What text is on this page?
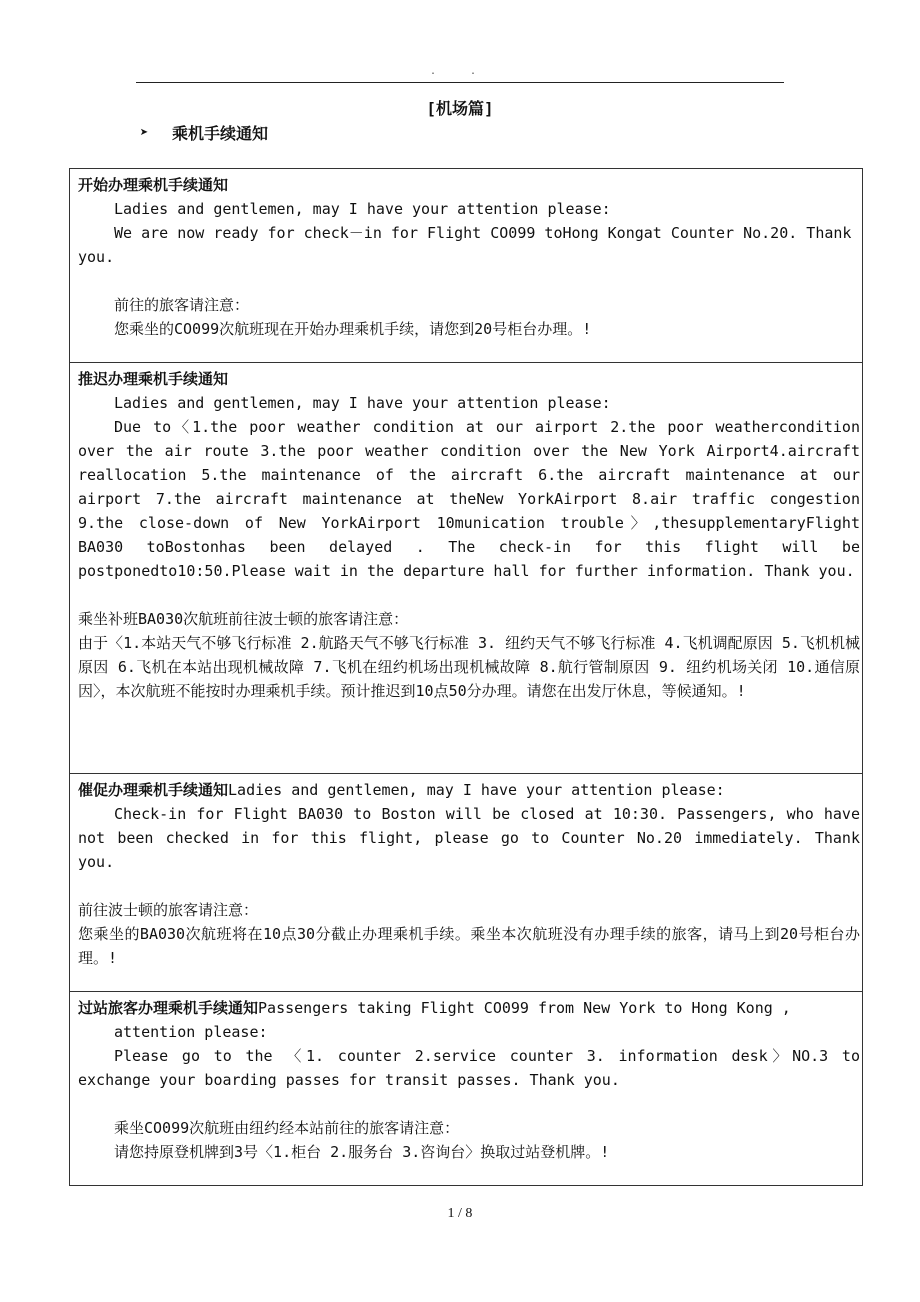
. .
[机场篇]
➤	乘机手续通知

开始办理乘机手续通知

Ladies and gentlemen, may I have your attention please:

We are now ready for check－in for Flight CO099 toHong Kongat Counter No.20. Thank you.

前往的旅客请注意：

您乘坐的CO099次航班现在开始办理乘机手续，请您到20号柜台办理。!

推迟办理乘机手续通知

Ladies and gentlemen, may I have your attention please:

Due to〈1.the poor weather condition at our airport 2.the poor weathercondition over the air route 3.the poor weather condition over the New York Airport4.aircraft reallocation 5.the maintenance of the aircraft 6.the aircraft maintenance at our airport 7.the aircraft maintenance at theNew YorkAirport 8.air traffic congestion 9.the close-down of New YorkAirport 10munication trouble〉,thesupplementaryFlight BA030 toBostonhas been delayed . The check-in for this flight will be postponedto10:50.Please wait in the departure hall for further information. Thank you.

乘坐补班BA030次航班前往波士顿的旅客请注意：

由于〈1.本站天气不够飞行标准 2.航路天气不够飞行标准 3. 纽约天气不够飞行标准 4.飞机调配原因 5.飞机机械原因 6.飞机在本站出现机械故障 7.飞机在纽约机场出现机械故障 8.航行管制原因 9. 纽约机场关闭 10.通信原因〉，本次航班不能按时办理乘机手续。预计推迟到10点50分办理。请您在出发厅休息，等候通知。!

催促办理乘机手续通知Ladies and gentlemen, may I have your attention please:

Check-in for Flight BA030 to Boston will be closed at 10:30. Passengers, who have not been checked in for this flight, please go to Counter No.20 immediately. Thank you.

前往波士顿的旅客请注意：

您乘坐的BA030次航班将在10点30分截止办理乘机手续。乘坐本次航班没有办理手续的旅客，请马上到20号柜台办理。!

过站旅客办理乘机手续通知Passengers taking Flight CO099 from New York to Hong Kong , attention please:

Please go to the 〈1. counter 2.service counter 3. information desk〉NO.3 to exchange your boarding passes for transit passes. Thank you.

乘坐CO099次航班由纽约经本站前往的旅客请注意：

请您持原登机牌到3号〈1.柜台 2.服务台 3.咨询台〉换取过站登机牌。!

1 / 8
